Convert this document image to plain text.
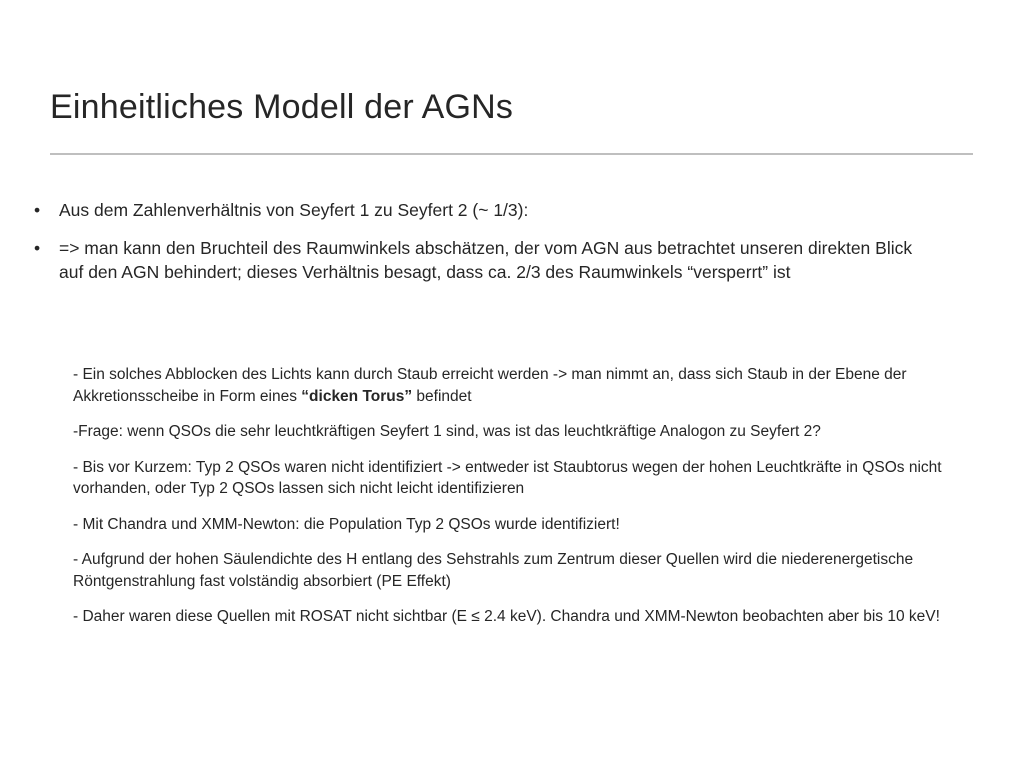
Einheitliches Modell der AGNs
• Aus dem Zahlenverhältnis von Seyfert 1 zu Seyfert 2 (~ 1/3):
• => man kann den Bruchteil des Raumwinkels abschätzen, der vom AGN aus betrachtet unseren direkten Blick auf den AGN behindert; dieses Verhältnis besagt, dass ca. 2/3 des Raumwinkels “versperrt” ist

- Ein solches Abblocken des Lichts kann durch Staub erreicht werden -> man nimmt an, dass sich Staub in der Ebene der Akkretionsscheibe in Form eines “dicken Torus” befindet

-Frage: wenn QSOs die sehr leuchtkräftigen Seyfert 1 sind, was ist das leuchtkräftige Analogon zu Seyfert 2?

- Bis vor Kurzem: Typ 2 QSOs waren nicht identifiziert -> entweder ist Staubtorus wegen der hohen Leuchtkräfte in QSOs nicht vorhanden, oder Typ 2 QSOs lassen sich nicht leicht identifizieren

- Mit Chandra und XMM-Newton: die Population Typ 2 QSOs wurde identifiziert!

- Aufgrund der hohen Säulendichte des H entlang des Sehstrahls zum Zentrum dieser Quellen wird die niederenergetische Röntgenstrahlung fast volständig absorbiert (PE Effekt)

- Daher waren diese Quellen mit ROSAT nicht sichtbar (E ≤ 2.4 keV). Chandra und XMM-Newton beobachten aber bis 10 keV!
